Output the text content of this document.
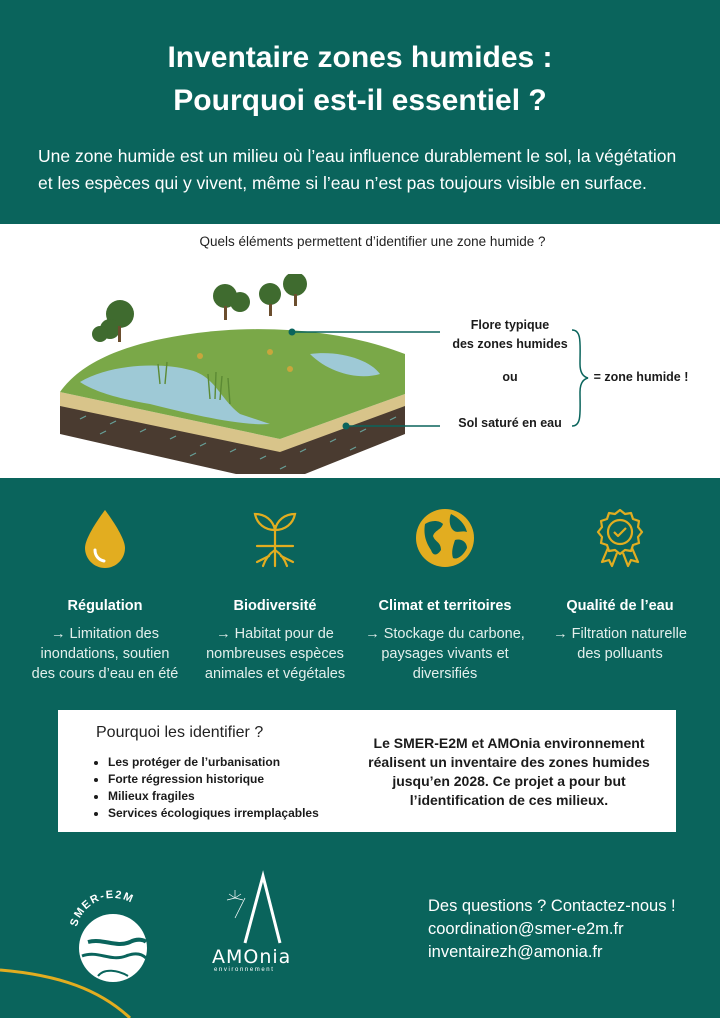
Inventaire zones humides :
Pourquoi est-il essentiel ?
Une zone humide est un milieu où l’eau influence durablement le sol, la végétation
et les espèces qui y vivent, même si l’eau n’est pas toujours visible en surface.
Quels éléments permettent d’identifier une zone humide ?
Flore typique
des zones humides
ou
Sol saturé en eau
= zone humide !
Régulation

→ Limitation des
inondations, soutien
des cours d’eau en été

Biodiversité

→ Habitat pour de
nombreuses espèces
animales et végétales

Climat et territoires

→ Stockage du carbone,
paysages vivants et
diversifiés

Qualité de l’eau

→ Filtration naturelle
des polluants

Pourquoi les identifier ?
• Les protéger de l’urbanisation
• Forte régression historique
• Milieux fragiles
• Services écologiques irremplaçables
Le SMER-E2M et AMOnia environnement
réalisent un inventaire des zones humides
jusqu’en 2028. Ce projet a pour but
l’identification de ces milieux.
SMER-E2M
AMOnia
environnement
Des questions ? Contactez-nous !
coordination@smer-e2m.fr
inventairezh@amonia.fr
